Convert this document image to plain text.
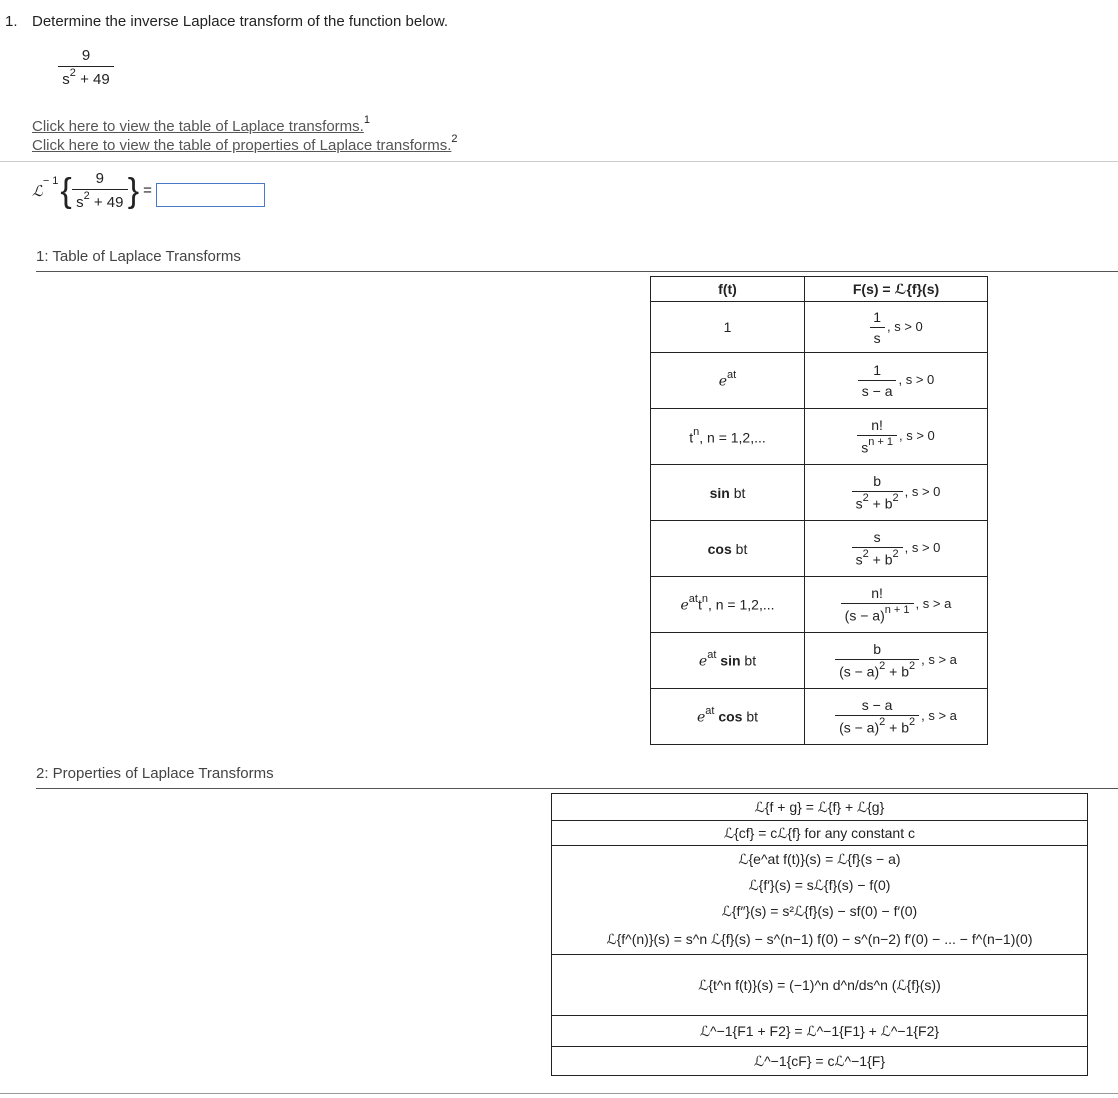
1. Determine the inverse Laplace transform of the function below.
$\frac{9}{s^2 + 49}$
Click here to view the table of Laplace transforms.$^1$
Click here to view the table of properties of Laplace transforms.$^2$
ℒ
$^{- 1}$ { $\frac{9}{s^2 + 49}$ } =
1: Table of Laplace Transforms
f(t)	F(s) = ℒ{f}(s)
1	$\frac{1}{s}$ , s > 0
$e^{at}$	$\frac{1}{s - a}$ , s > 0
$t^n$, n = 1,2,...	$\frac{n!}{s^{n + 1}}$ , s > 0
sin bt	$\frac{b}{s^2 + b^2}$ , s > 0
cos bt	$\frac{s}{s^2 + b^2}$ , s > 0
$e^{at}t^n$, n = 1,2,...	$\frac{n!}{(s - a)^{n + 1}}$ , s > a
$e^{at}$ sin bt	$\frac{b}{(s - a)^2 + b^2}$ , s > a
$e^{at}$ cos bt	$\frac{s - a}{(s - a)^2 + b^2}$ , s > a
2: Properties of Laplace Transforms
ℒ{f + g} = ℒ{f} + ℒ{g}
ℒ{cf} = cℒ{f} for any constant c
ℒ{e^at f(t)}(s) = ℒ{f}(s − a)
ℒ{f′}(s) = sℒ{f}(s) − f(0)
ℒ{f″}(s) = s²ℒ{f}(s) − sf(0) − f′(0)
ℒ{f^(n)}(s) = s^n ℒ{f}(s) − s^(n−1) f(0) − s^(n−2) f′(0) − ... − f^(n−1)(0)
ℒ{t^n f(t)}(s) = (−1)^n d^n/ds^n (ℒ{f}(s))
ℒ^−1{F1 + F2} = ℒ^−1{F1} + ℒ^−1{F2}
ℒ^−1{cF} = cℒ^−1{F}
